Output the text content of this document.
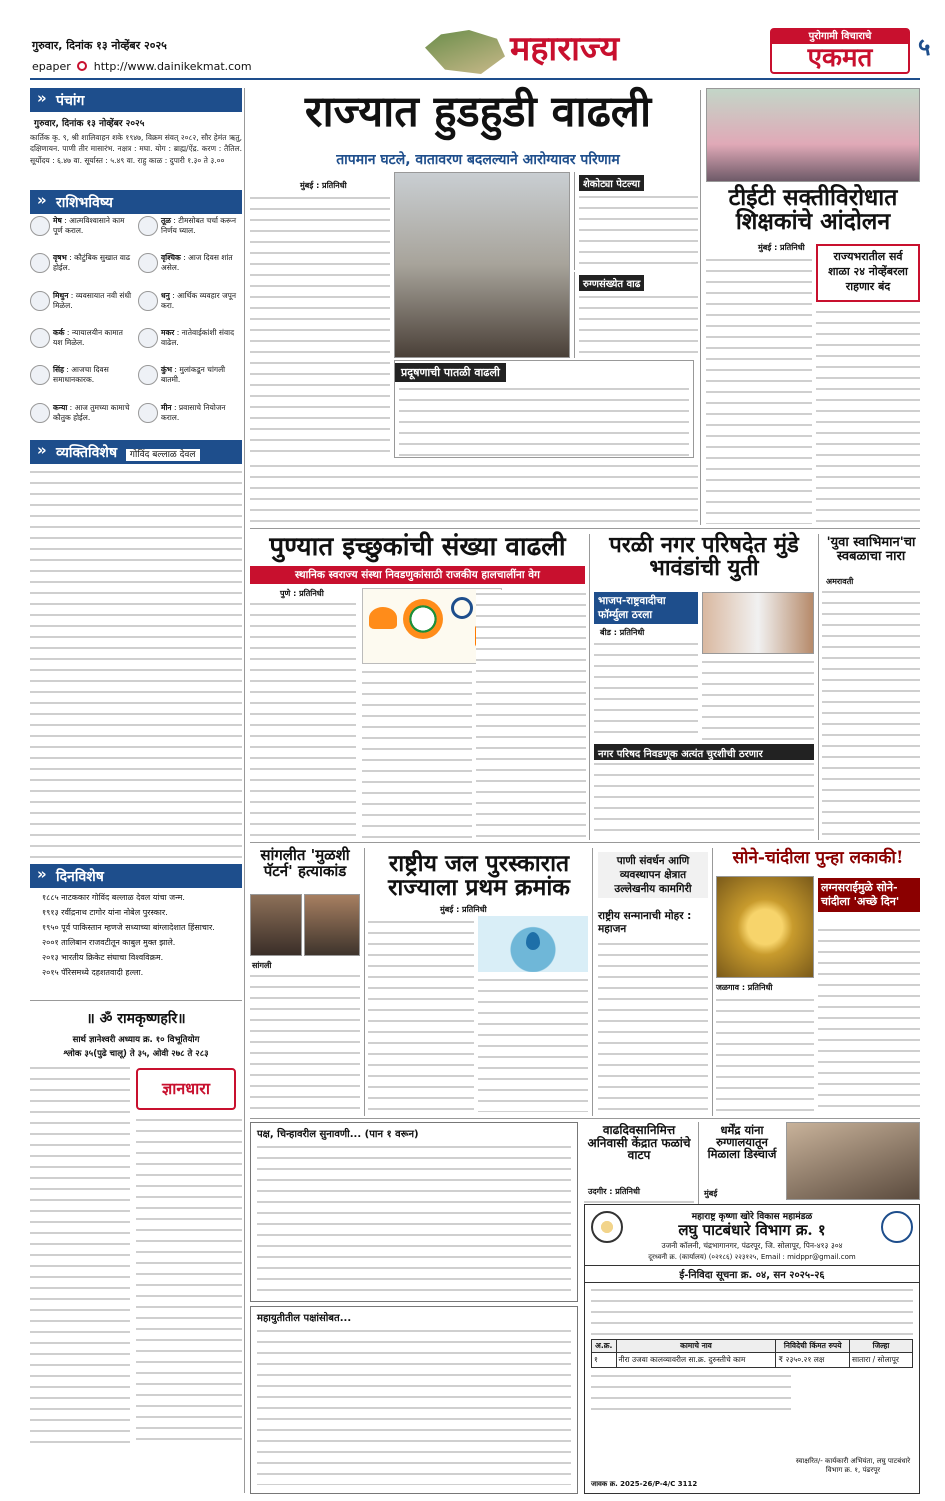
गुरुवार, दिनांक १३ नोव्हेंबर २०२५
epaper http://www.dainikekmat.com	महाराज्य	पुरोगामी विचाराचे
एकमत	५
» पंचांग
गुरुवार, दिनांक १३ नोव्हेंबर २०२५
कार्तिक कृ. ९, श्री शालिवाहन शके १९४७, विक्रम संवत् २०८२, सौर हेमंत ऋतु, दक्षिणायन. पाणी तीर मासारंभ. नक्षत्र : मघा. योग : ब्राह्म/ऐंद्र. करण : तैतिल. सूर्योदय : ६.४७ वा. सूर्यास्त : ५.४९ वा. राहु काळ : दुपारी १.३० ते ३.००
» राशिभविष्य
मेष : आत्मविश्वासाने काम पूर्ण कराल.
तूळ : टीमसोबत चर्चा करून निर्णय घ्याल.
वृषभ : कौटुंबिक सुखात वाढ होईल.
वृश्चिक : आज दिवस शांत असेल.
मिथुन : व्यवसायात नवी संधी मिळेल.
धनु : आर्थिक व्यवहार जपून करा.
कर्क : न्यायालयीन कामात यश मिळेल.
मकर : नातेवाईकांशी संवाद वाढेल.
सिंह : आजचा दिवस समाधानकारक.
कुंभ : मुलांकडून चांगली बातमी.
कन्या : आज तुमच्या कामाचे कौतुक होईल.
मीन : प्रवासाचे नियोजन कराल.
» व्यक्तिविशेष गोविंद बल्लाळ देवल
» दिनविशेष
१८८५ नाटककार गोविंद बल्लाळ देवल यांचा जन्म.
१९१३ रवींद्रनाथ टागोर यांना नोबेल पुरस्कार.
१९५० पूर्व पाकिस्तान म्हणजे सध्याच्या बांग्लादेशात हिंसाचार.
२००१ तालिबान राजवटीतून काबुल मुक्त झाले.
२०१३ भारतीय क्रिकेट संघाचा विश्वविक्रम.
२०१५ पॅरिसमध्ये दहशतवादी हल्ला.
॥ ॐ रामकृष्णहरि॥
सार्थ ज्ञानेश्वरी अध्याय क्र. १० विभूतियोग
श्लोक ३५(पुढे चालू) ते ३५, ओवी २७८ ते २८३
ज्ञानधारा
राज्यात हुडहुडी वाढली
तापमान घटले, वातावरण बदलल्याने आरोग्यावर परिणाम
मुंबई : प्रतिनिधी
प्रदूषणाची पातळी वाढली
शेकोट्या पेटल्या
रुग्णसंख्येत वाढ
टीईटी सक्तीविरोधात शिक्षकांचे आंदोलन
मुंबई : प्रतिनिधी
राज्यभरातील सर्व शाळा २४ नोव्हेंबरला राहणार बंद
पुण्यात इच्छुकांची संख्या वाढली
स्थानिक स्वराज्य संस्था निवडणुकांसाठी राजकीय हालचालींना वेग
पुणे : प्रतिनिधी
परळी नगर परिषदेत मुंडे भावंडांची युती
भाजप-राष्ट्रवादीचा फॉर्म्युला ठरला
बीड : प्रतिनिधी
नगर परिषद निवडणूक अत्यंत चुरशीची ठरणार
'युवा स्वाभिमान'चा स्वबळाचा नारा
अमरावती
सांगलीत 'मुळशी पॅटर्न' हत्याकांड
सांगली
राष्ट्रीय जल पुरस्कारात राज्याला प्रथम क्रमांक
मुंबई : प्रतिनिधी
पाणी संवर्धन आणि व्यवस्थापन क्षेत्रात उल्लेखनीय कामगिरी
राष्ट्रीय सन्मानाची मोहर : महाजन
सोने-चांदीला पुन्हा लकाकी!
जळगाव : प्रतिनिधी
लग्नसराईमुळे सोने-चांदीला 'अच्छे दिन'
पक्ष, चिन्हावरील सुनावणी... (पान १ वरून)
महायुतीतील पक्षांसोबत...
वाढदिवसानिमित्त अनिवासी केंद्रात फळांचे वाटप
उदगीर : प्रतिनिधी
धर्मेंद्र यांना रुग्णालयातून मिळाला डिस्चार्ज
मुंबई
महाराष्ट्र कृष्णा खोरे विकास महामंडळ
लघु पाटबंधारे विभाग क्र. १
उजनी कॉलनी, चंद्रभागानगर, पंढरपूर, जि. सोलापूर, पिन-४१३ ३०४
दूरध्वनी क्र. (कार्यालय) (०२१८६) २२३१२५, Email : midppr@gmail.com
ई-निविदा सूचना क्र. ०४, सन २०२५-२६
अ.क्र.	कामाचे नाव	निविदेची किंमत रुपये	जिल्हा
१	नीरा उजवा कालव्यावरील सा.क्र. दुरुस्तीचे काम	₹ २३५०.२१ लक्ष	सातारा / सोलापूर
स्वाक्षरित/- कार्यकारी अभियंता, लघु पाटबंधारे विभाग क्र. १, पंढरपूर
जावक क्र. 2025-26/P-4/C 3112
